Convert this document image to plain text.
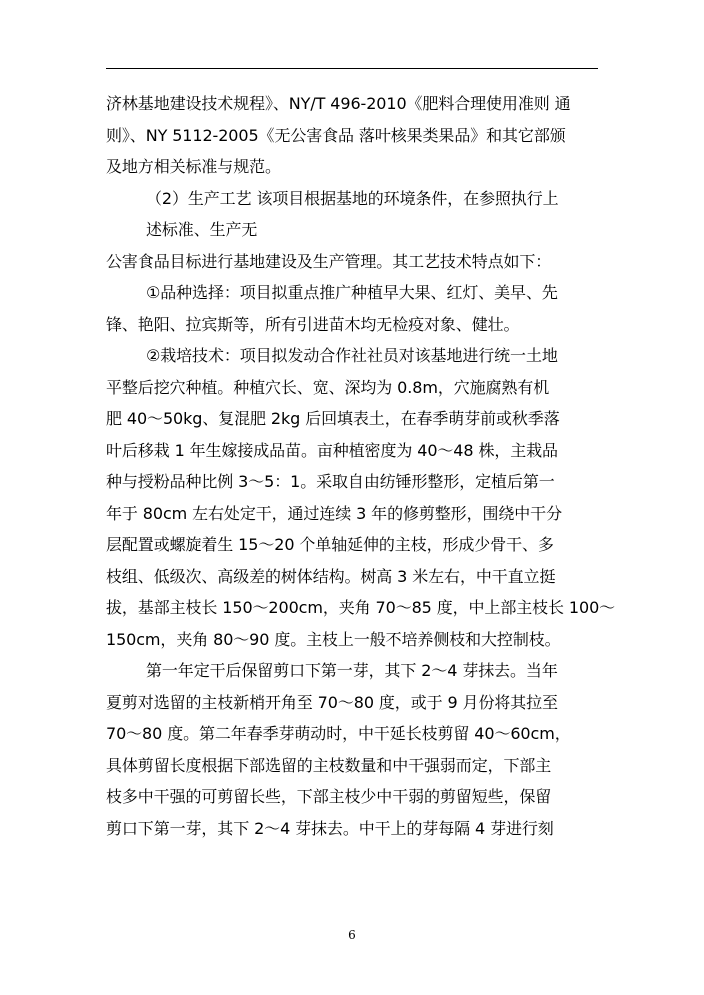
济林基地建设技术规程》、NY/T 496-2010《肥料合理使用准则 通

则》、NY 5112-2005《无公害食品 落叶核果类果品》和其它部颁

及地方相关标准与规范。

（2）生产工艺 该项目根据基地的环境条件，在参照执行上

述标准、生产无

公害食品目标进行基地建设及生产管理。其工艺技术特点如下：

①品种选择：项目拟重点推广种植早大果、红灯、美早、先

锋、艳阳、拉宾斯等，所有引进苗木均无检疫对象、健壮。

②栽培技术：项目拟发动合作社社员对该基地进行统一土地

平整后挖穴种植。种植穴长、宽、深均为 0.8m，穴施腐熟有机

肥 40～50kg、复混肥 2kg 后回填表土，在春季萌芽前或秋季落

叶后移栽 1 年生嫁接成品苗。亩种植密度为 40～48 株，主栽品

种与授粉品种比例 3～5：1。采取自由纺锤形整形，定植后第一

年于 80cm 左右处定干，通过连续 3 年的修剪整形，围绕中干分

层配置或螺旋着生 15～20 个单轴延伸的主枝，形成少骨干、多

枝组、低级次、高级差的树体结构。树高 3 米左右，中干直立挺

拔，基部主枝长 150～200cm，夹角 70～85 度，中上部主枝长 100～

150cm，夹角 80～90 度。主枝上一般不培养侧枝和大控制枝。

第一年定干后保留剪口下第一芽，其下 2～4 芽抹去。当年

夏剪对选留的主枝新梢开角至 70～80 度，或于 9 月份将其拉至

70～80 度。第二年春季芽萌动时，中干延长枝剪留 40～60cm，

具体剪留长度根据下部选留的主枝数量和中干强弱而定，下部主

枝多中干强的可剪留长些，下部主枝少中干弱的剪留短些，保留

剪口下第一芽，其下 2～4 芽抹去。中干上的芽每隔 4 芽进行刻

6
